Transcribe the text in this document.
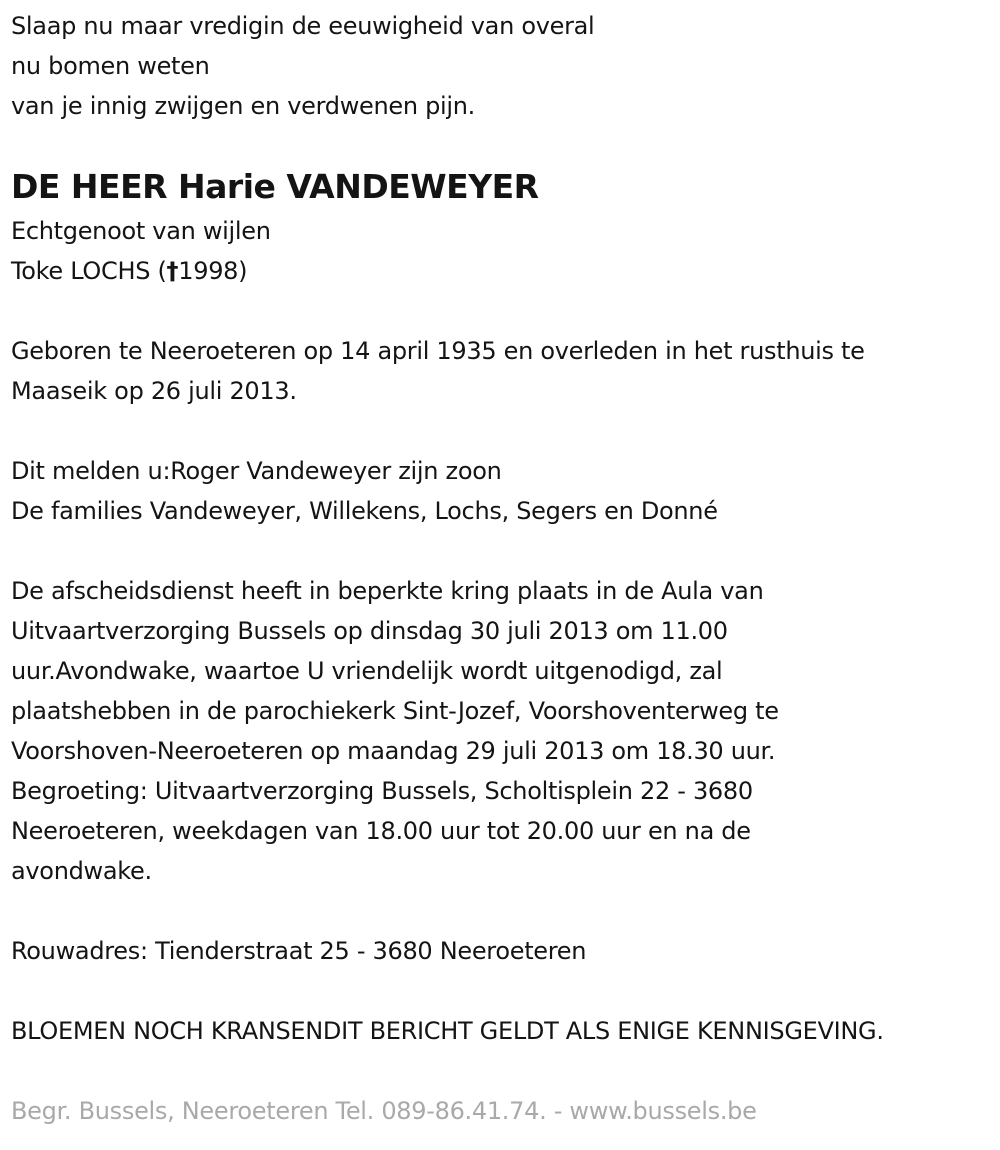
Slaap nu maar vredigin de eeuwigheid van overal
nu bomen weten
van je innig zwijgen en verdwenen pijn.
DE HEER Harie VANDEWEYER
Echtgenoot van wijlen
Toke LOCHS (†1998)
Geboren te Neeroeteren op 14 april 1935 en overleden in het rusthuis te
Maaseik op 26 juli 2013.
Dit melden u:Roger Vandeweyer zijn zoon
De families Vandeweyer, Willekens, Lochs, Segers en Donné
De afscheidsdienst heeft in beperkte kring plaats in de Aula van
Uitvaartverzorging Bussels op dinsdag 30 juli 2013 om 11.00
uur.Avondwake, waartoe U vriendelijk wordt uitgenodigd, zal
plaatshebben in de parochiekerk Sint-Jozef, Voorshoventerweg te
Voorshoven-Neeroeteren op maandag 29 juli 2013 om 18.30 uur.
Begroeting: Uitvaartverzorging Bussels, Scholtisplein 22 - 3680
Neeroeteren, weekdagen van 18.00 uur tot 20.00 uur en na de
avondwake.
Rouwadres: Tienderstraat 25 - 3680 Neeroeteren
BLOEMEN NOCH KRANSENDIT BERICHT GELDT ALS ENIGE KENNISGEVING.
Begr. Bussels, Neeroeteren Tel. 089-86.41.74. - www.bussels.be
